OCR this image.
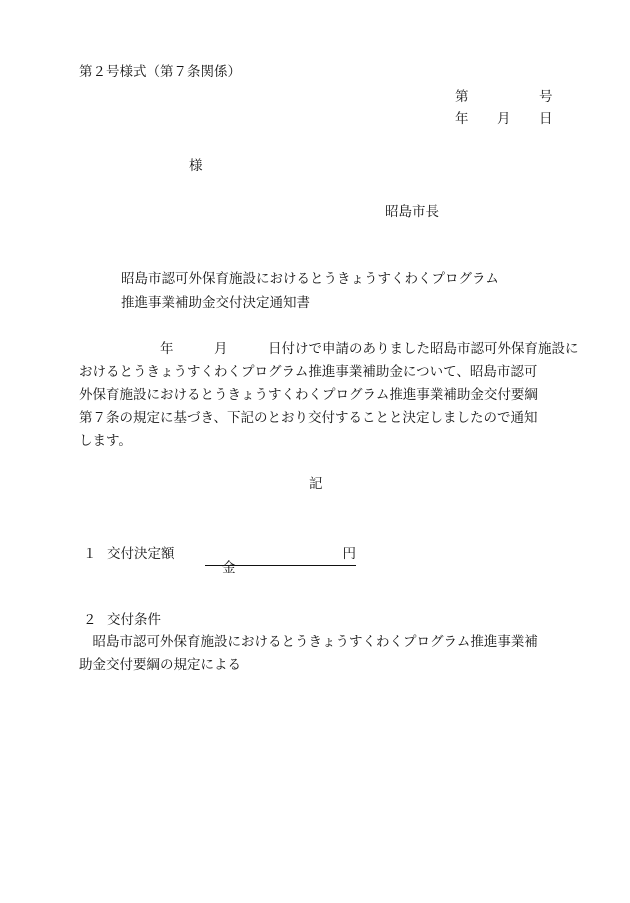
第２号様式（第７条関係）
第	号
年 月 日
様
昭島市長
昭島市認可外保育施設におけるとうきょうすくわくプログラム
推進事業補助金交付決定通知書
　　　　　　年　　　月　　　日付けで申請のありました昭島市認可外保育施設に
おけるとうきょうすくわくプログラム推進事業補助金について、昭島市認可
外保育施設におけるとうきょうすくわくプログラム推進事業補助金交付要綱
第７条の規定に基づき、下記のとおり交付することと決定しましたので通知
します。
記
１ 交付決定額

金

円

２ 交付条件
　昭島市認可外保育施設におけるとうきょうすくわくプログラム推進事業補
助金交付要綱の規定による
